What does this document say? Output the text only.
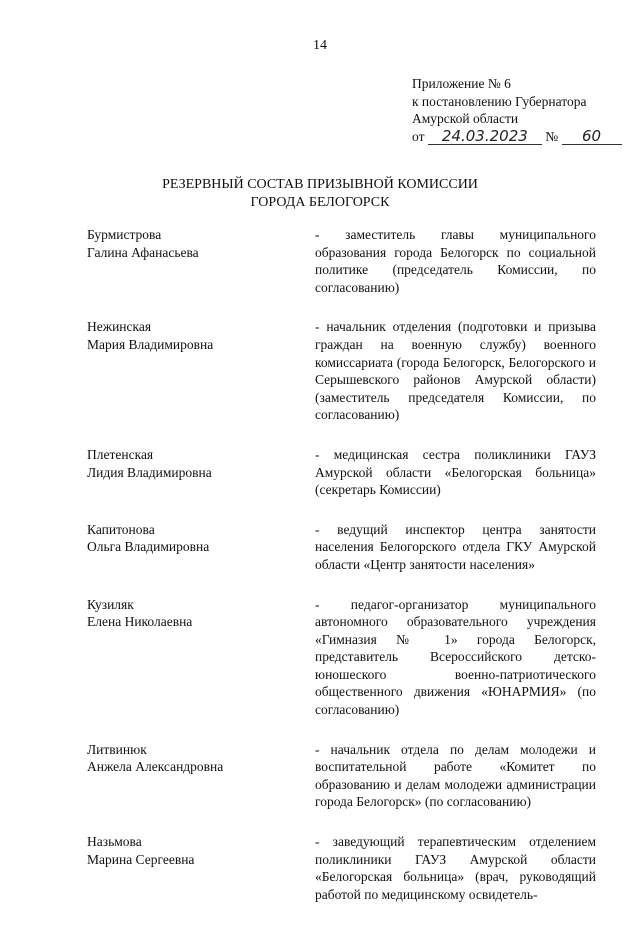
14
Приложение № 6
к постановлению Губернатора
Амурской области
от 24.03.2023 № 60
РЕЗЕРВНЫЙ СОСТАВ ПРИЗЫВНОЙ КОМИССИИ
ГОРОДА БЕЛОГОРСК
Бурмистрова
Галина Афанасьева
- заместитель главы муниципального образования города Белогорск по социальной политике (председатель Комиссии, по согласованию)
Нежинская
Мария Владимировна
- начальник отделения (подготовки и призыва граждан на военную службу) военного комиссариата (города Белогорск, Белогорского и Серышевского районов Амурской области) (заместитель председателя Комиссии, по согласованию)
Плетенская
Лидия Владимировна
- медицинская сестра поликлиники ГАУЗ Амурской области «Белогорская больница» (секретарь Комиссии)
Капитонова
Ольга Владимировна
- ведущий инспектор центра занятости населения Белогорского отдела ГКУ Амурской области «Центр занятости населения»
Кузиляк
Елена Николаевна
- педагог-организатор муниципального автономного образовательного учреждения «Гимназия № 1» города Белогорск, представитель Всероссийского детско-юношеского военно-патриотического общественного движения «ЮНАРМИЯ» (по согласованию)
Литвинюк
Анжела Александровна
- начальник отдела по делам молодежи и воспитательной работе «Комитет по образованию и делам молодежи администрации города Белогорск» (по согласованию)
Назьмова
Марина Сергеевна
- заведующий терапевтическим отделением поликлиники ГАУЗ Амурской области «Белогорская больница» (врач, руководящий работой по медицинскому освидетель-
